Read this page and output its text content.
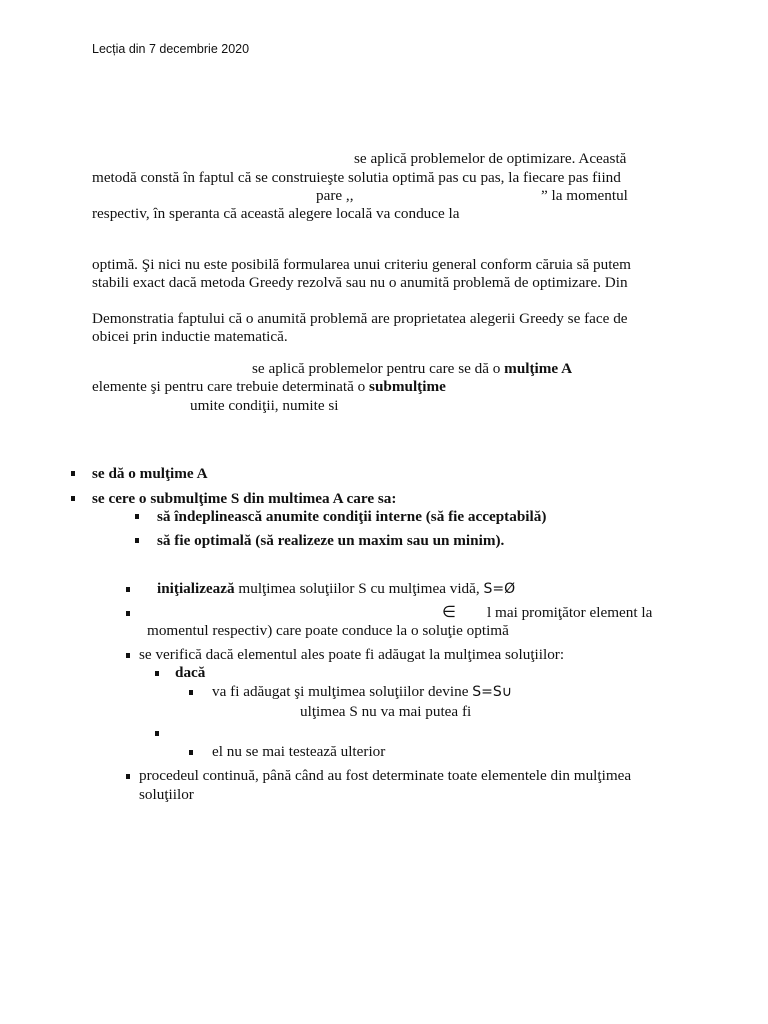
Lecția din 7 decembrie 2020
se aplică problemelor de optimizare. Această
metodă constă în faptul că se construieşte solutia optimă pas cu pas, la fiecare pas fiind
pare ,,	” la momentul
respectiv, în speranta că această alegere locală va conduce la
optimă. Şi nici nu este posibilă formularea unui criteriu general conform căruia să putem
stabili exact dacă metoda Greedy rezolvă sau nu o anumită problemă de optimizare. Din
Demonstratia faptului că o anumită problemă are proprietatea alegerii Greedy se face de
obicei prin inductie matematică.
se aplică problemelor pentru care se dă o mulţime A
elemente şi pentru care trebuie determinată o submulţime
umite condiţii, numite si
se dă o mulţime A
se cere o submulţime S din multimea A care sa:
să îndeplinească anumite condiţii interne (să fie acceptabilă)
să fie optimală (să realizeze un maxim sau un minim).
iniţializează mulţimea soluţiilor S cu mulţimea vidă, S=Ø
∈ l mai promiţător element la
momentul respectiv) care poate conduce la o soluţie optimă
se verifică dacă elementul ales poate fi adăugat la mulţimea soluţiilor:
dacă
va fi adăugat şi mulţimea soluţiilor devine S=S∪
ulţimea S nu va mai putea fi
el nu se mai testează ulterior
procedeul continuă, până când au fost determinate toate elementele din mulţimea
soluţiilor
